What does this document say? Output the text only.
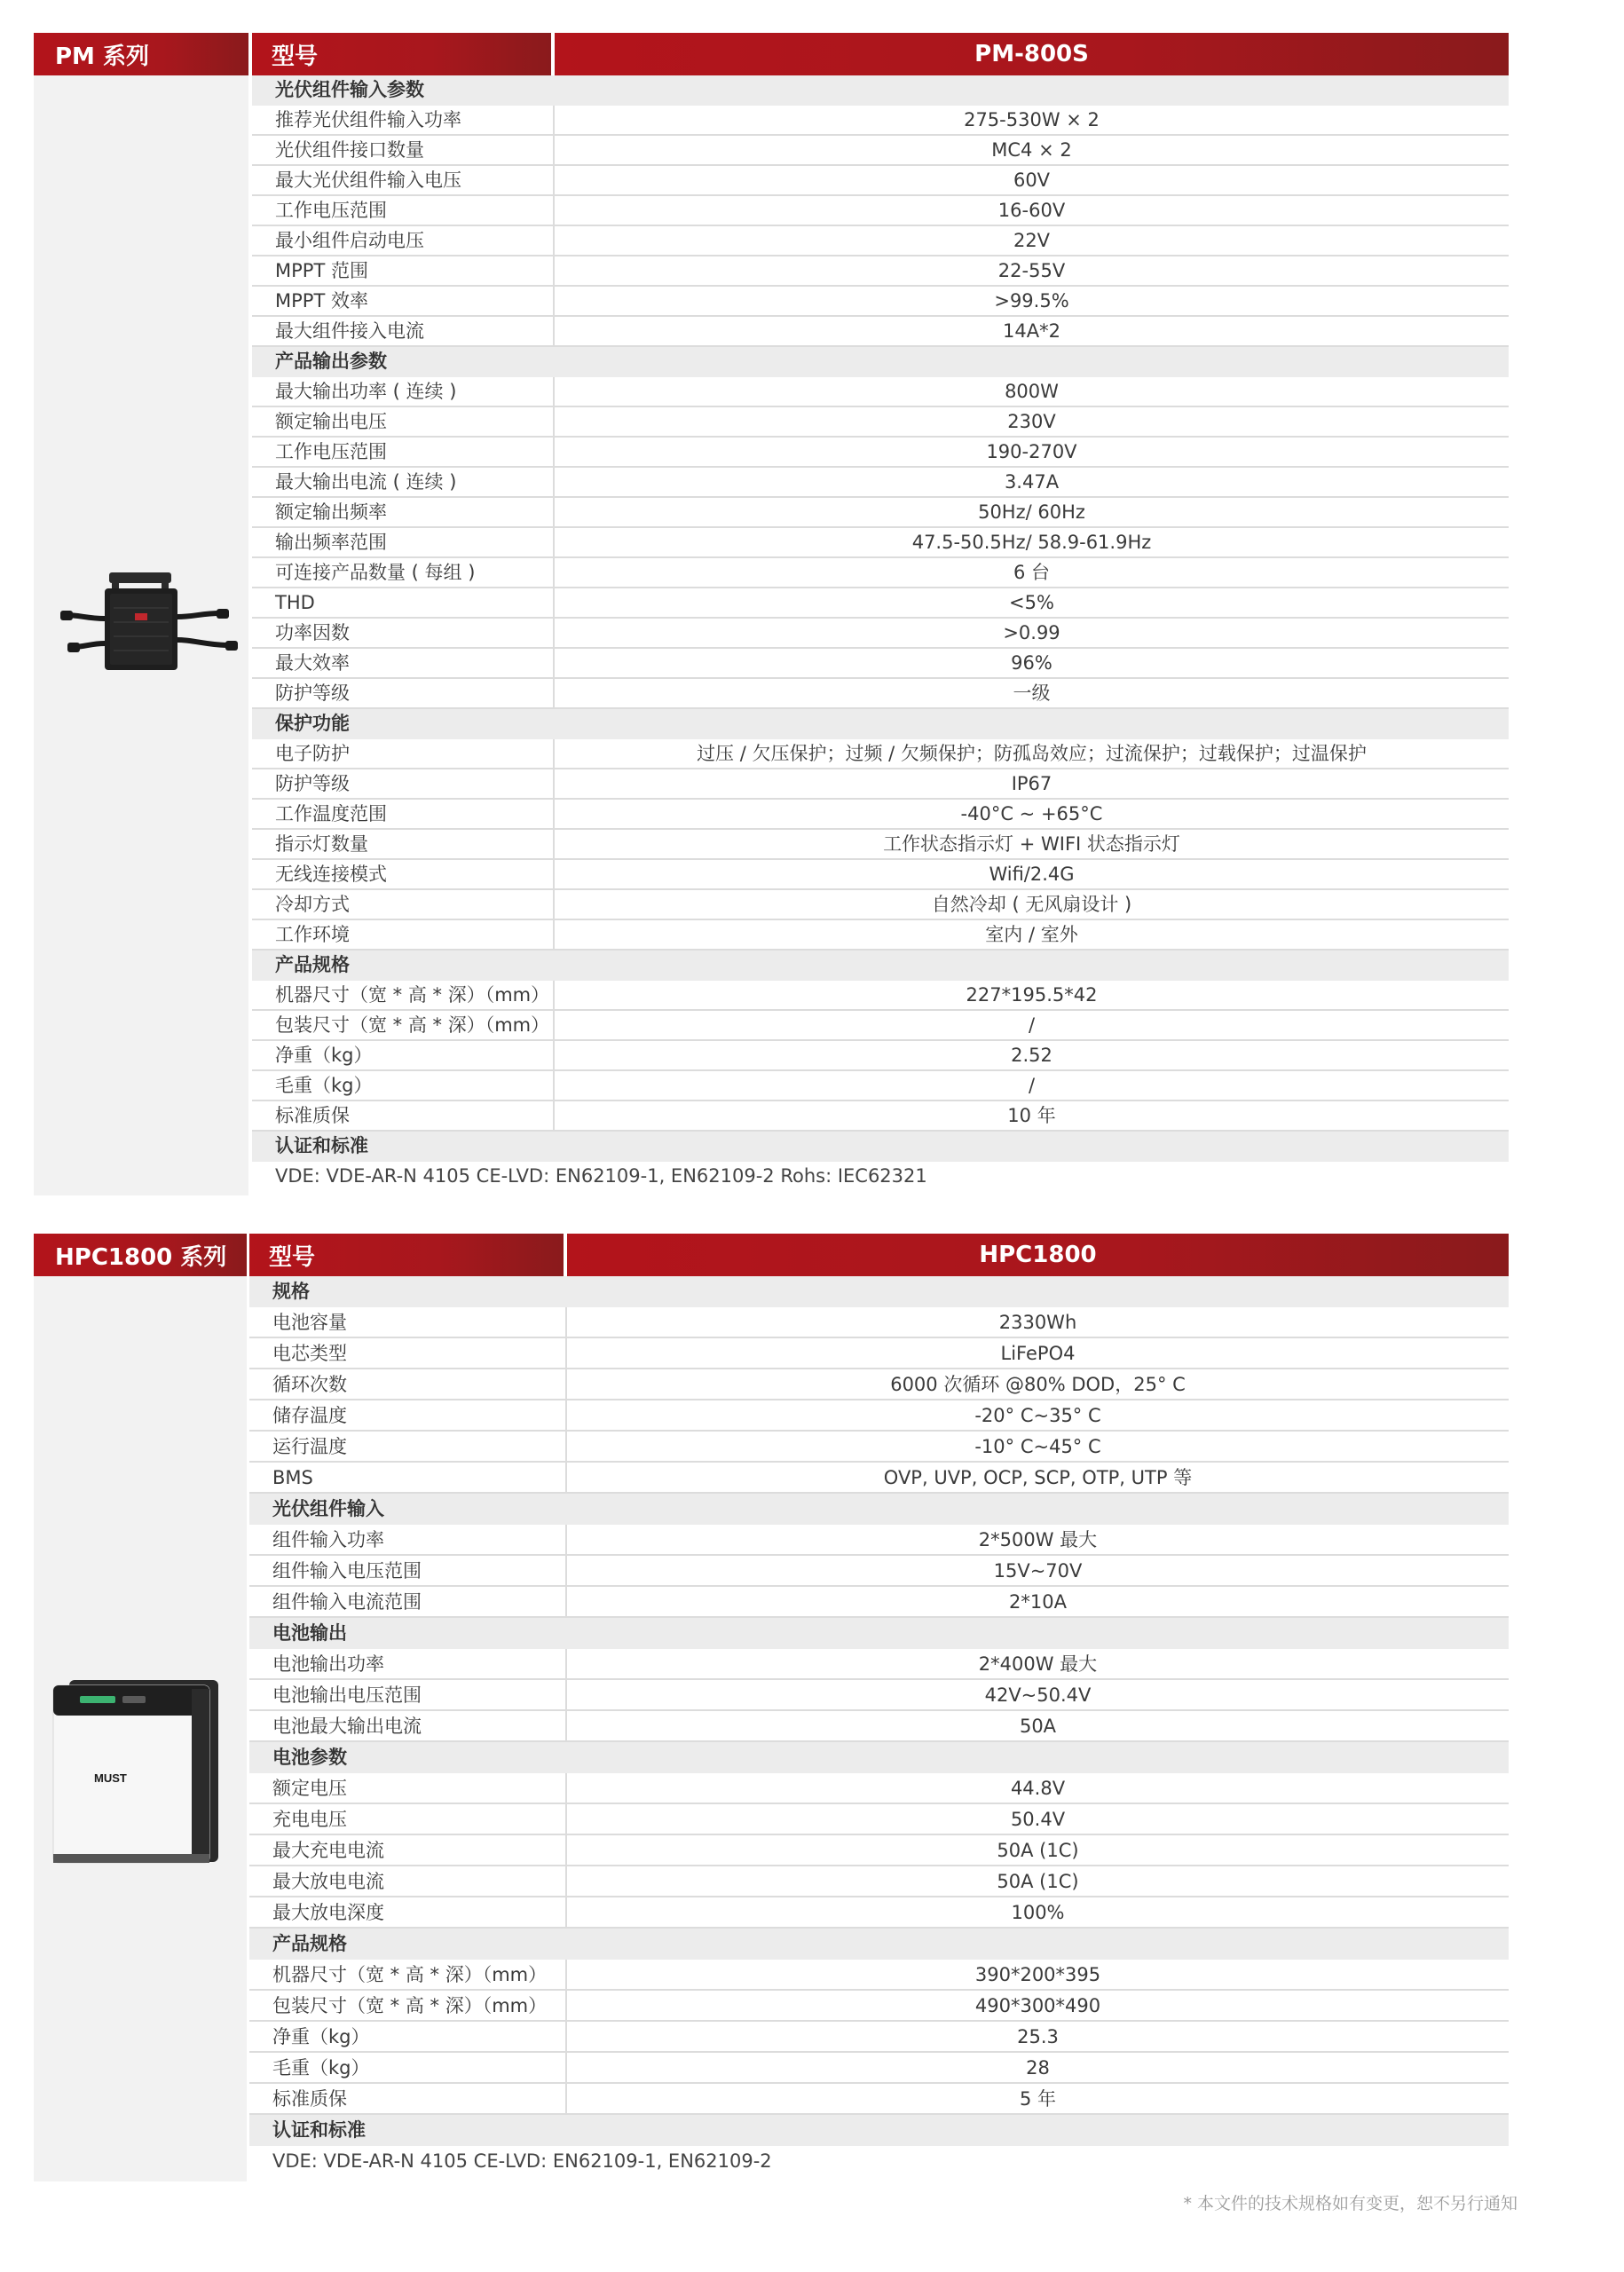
PM 系列	型号	PM-800S
光伏组件输入参数
推荐光伏组件输入功率	275-530W × 2
光伏组件接口数量	MC4 × 2
最大光伏组件输入电压	60V
工作电压范围	16-60V
最小组件启动电压	22V
MPPT 范围	22-55V
MPPT 效率	>99.5%
最大组件接入电流	14A*2
产品输出参数
最大输出功率 ( 连续 )	800W
额定输出电压	230V
工作电压范围	190-270V
最大输出电流 ( 连续 )	3.47A
额定输出频率	50Hz/ 60Hz
输出频率范围	47.5-50.5Hz/ 58.9-61.9Hz
可连接产品数量 ( 每组 )	6 台
THD	<5%
功率因数	>0.99
最大效率	96%
防护等级	一级
保护功能
电子防护	过压 / 欠压保护；过频 / 欠频保护；防孤岛效应；过流保护；过载保护；过温保护
防护等级	IP67
工作温度范围	-40°C ~ +65°C
指示灯数量	工作状态指示灯 + WIFI 状态指示灯
无线连接模式	Wifi/2.4G
冷却方式	自然冷却 ( 无风扇设计 )
工作环境	室内 / 室外
产品规格
机器尺寸（宽 * 高 * 深）（mm）	227*195.5*42
包装尺寸（宽 * 高 * 深）（mm）	/
净重（kg）	2.52
毛重（kg）	/
标准质保	10 年
认证和标准
VDE: VDE-AR-N 4105 CE-LVD: EN62109-1, EN62109-2 Rohs: IEC62321
HPC1800 系列	型号	HPC1800
MUST
规格
电池容量	2330Wh
电芯类型	LiFePO4
循环次数	6000 次循环 @80% DOD，25° C
储存温度	-20° C~35° C
运行温度	-10° C~45° C
BMS	OVP, UVP, OCP, SCP, OTP, UTP 等
光伏组件输入
组件输入功率	2*500W 最大
组件输入电压范围	15V~70V
组件输入电流范围	2*10A
电池输出
电池输出功率	2*400W 最大
电池输出电压范围	42V~50.4V
电池最大输出电流	50A
电池参数
额定电压	44.8V
充电电压	50.4V
最大充电电流	50A (1C)
最大放电电流	50A (1C)
最大放电深度	100%
产品规格
机器尺寸（宽 * 高 * 深）（mm）	390*200*395
包装尺寸（宽 * 高 * 深）（mm）	490*300*490
净重（kg）	25.3
毛重（kg）	28
标准质保	5 年
认证和标准
VDE: VDE-AR-N 4105 CE-LVD: EN62109-1, EN62109-2
* 本文件的技术规格如有变更，恕不另行通知
